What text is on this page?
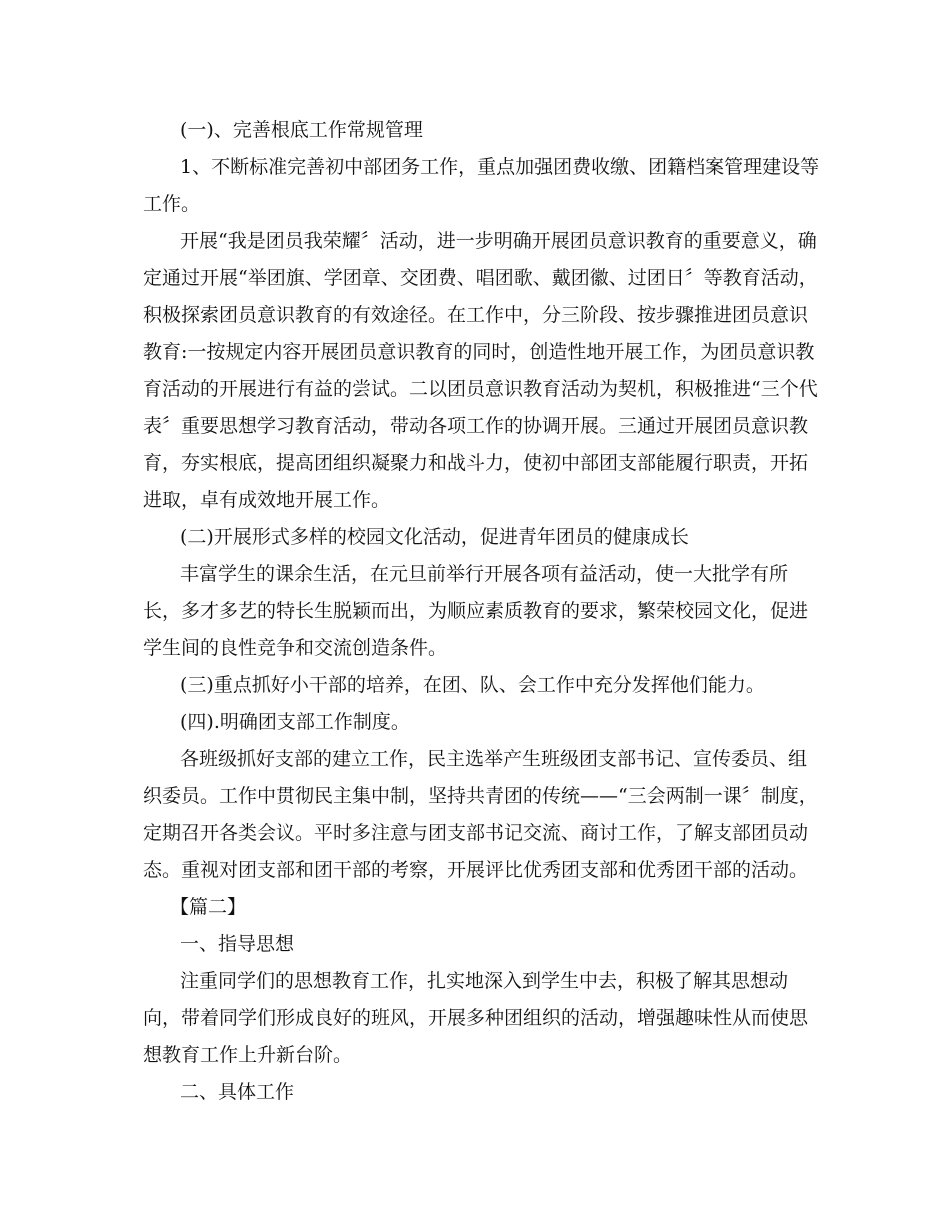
(一)、完善根底工作常规管理
1、不断标准完善初中部团务工作，重点加强团费收缴、团籍档案管理建设等
工作。
开展“我是团员我荣耀〞活动，进一步明确开展团员意识教育的重要意义，确
定通过开展“举团旗、学团章、交团费、唱团歌、戴团徽、过团日〞等教育活动，
积极探索团员意识教育的有效途径。在工作中，分三阶段、按步骤推进团员意识
教育:一按规定内容开展团员意识教育的同时，创造性地开展工作，为团员意识教
育活动的开展进行有益的尝试。二以团员意识教育活动为契机，积极推进“三个代
表〞重要思想学习教育活动，带动各项工作的协调开展。三通过开展团员意识教
育，夯实根底，提高团组织凝聚力和战斗力，使初中部团支部能履行职责，开拓
进取，卓有成效地开展工作。
(二)开展形式多样的校园文化活动，促进青年团员的健康成长
丰富学生的课余生活，在元旦前举行开展各项有益活动，使一大批学有所
长，多才多艺的特长生脱颖而出，为顺应素质教育的要求，繁荣校园文化，促进
学生间的良性竞争和交流创造条件。
(三)重点抓好小干部的培养，在团、队、会工作中充分发挥他们能力。
(四).明确团支部工作制度。
各班级抓好支部的建立工作，民主选举产生班级团支部书记、宣传委员、组
织委员。工作中贯彻民主集中制，坚持共青团的传统——“三会两制一课〞制度，
定期召开各类会议。平时多注意与团支部书记交流、商讨工作，了解支部团员动
态。重视对团支部和团干部的考察，开展评比优秀团支部和优秀团干部的活动。
【篇二】
一、指导思想
注重同学们的思想教育工作，扎实地深入到学生中去，积极了解其思想动
向，带着同学们形成良好的班风，开展多种团组织的活动，增强趣味性从而使思
想教育工作上升新台阶。
二、具体工作
